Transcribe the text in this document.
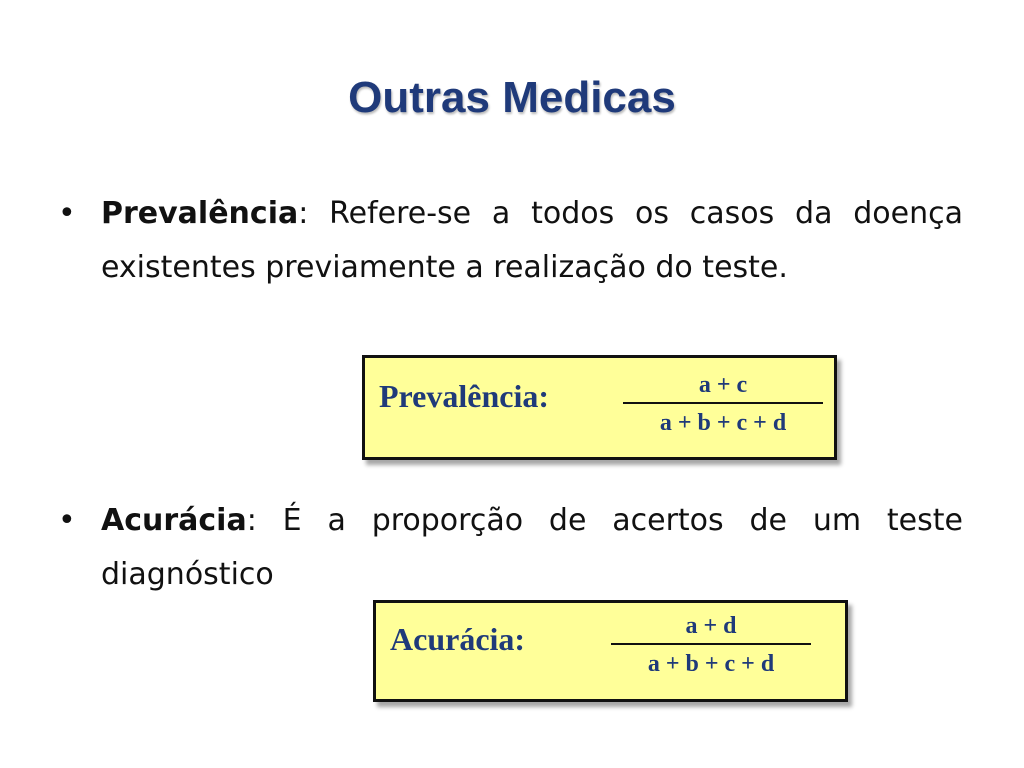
Outras Medicas
• Prevalência: Refere-se a todos os casos da doença existentes previamente a realização do teste.
Prevalência:	a + c
a + b + c + d
• Acurácia: É a proporção de acertos de um teste diagnóstico
Acurácia:	a + d
a + b + c + d
